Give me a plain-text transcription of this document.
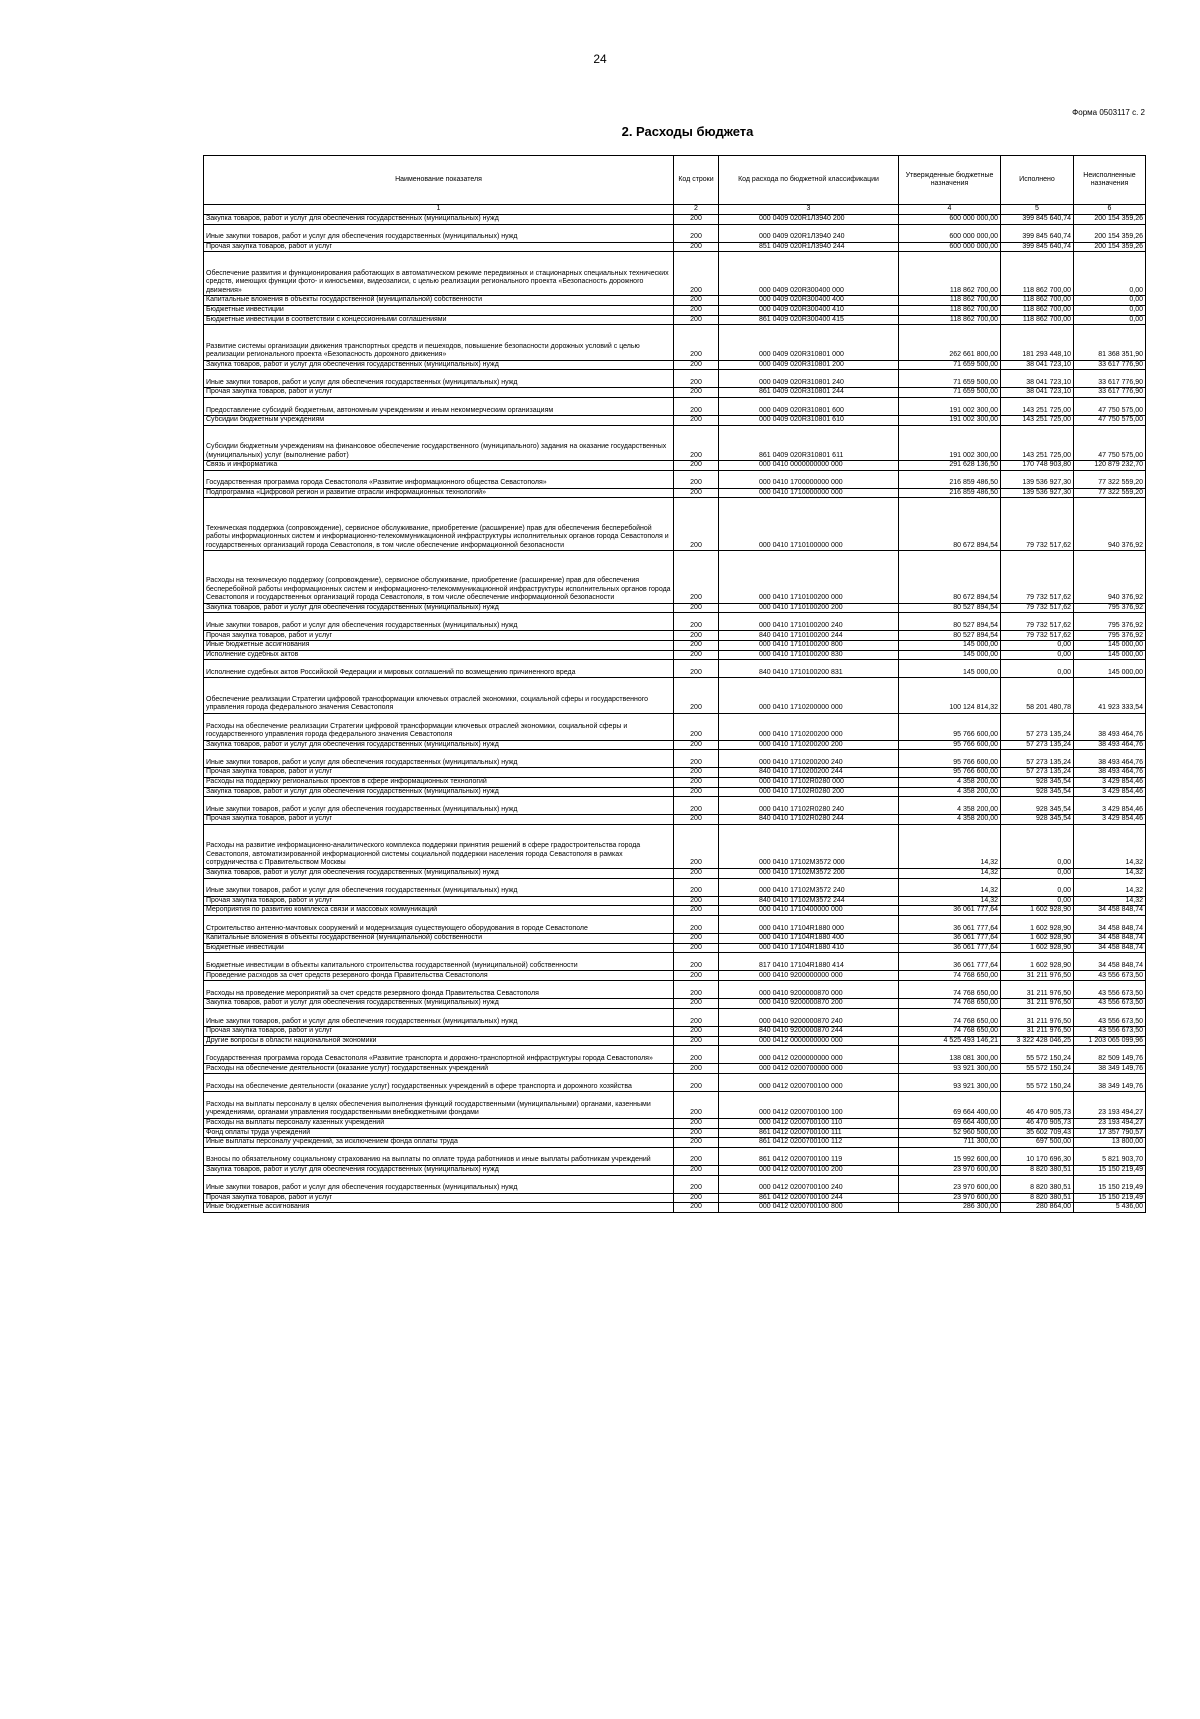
24
Форма 0503117 с. 2
2. Расходы бюджета
Наименование показателя	Код строки	Код расхода по бюджетной классификации	Утвержденные бюджетные назначения	Исполнено	Неисполненные назначения
1	2	3	4	5	6
Закупка товаров, работ и услуг для обеспечения государственных (муниципальных) нужд	200	000 0409 020R1Л3940 200	600 000 000,00	399 845 640,74	200 154 359,26
Иные закупки товаров, работ и услуг для обеспечения государственных (муниципальных) нужд	200	000 0409 020R1Л3940 240	600 000 000,00	399 845 640,74	200 154 359,26
Прочая закупка товаров, работ и услуг	200	851 0409 020R1Л3940 244	600 000 000,00	399 845 640,74	200 154 359,26
Обеспечение развития и функционирования работающих в автоматическом режиме передвижных и стационарных специальных технических средств, имеющих функции фото- и киносъемки, видеозаписи, с целью реализации регионального проекта «Безопасность дорожного движения»	200	000 0409 020R300400 000	118 862 700,00	118 862 700,00	0,00
Капитальные вложения в объекты государственной (муниципальной) собственности	200	000 0409 020R300400 400	118 862 700,00	118 862 700,00	0,00
Бюджетные инвестиции	200	000 0409 020R300400 410	118 862 700,00	118 862 700,00	0,00
Бюджетные инвестиции в соответствии с концессионными соглашениями	200	861 0409 020R300400 415	118 862 700,00	118 862 700,00	0,00
Развитие системы организации движения транспортных средств и пешеходов, повышение безопасности дорожных условий с целью реализации регионального проекта «Безопасность дорожного движения»	200	000 0409 020R310801 000	262 661 800,00	181 293 448,10	81 368 351,90
Закупка товаров, работ и услуг для обеспечения государственных (муниципальных) нужд	200	000 0409 020R310801 200	71 659 500,00	38 041 723,10	33 617 776,90
Иные закупки товаров, работ и услуг для обеспечения государственных (муниципальных) нужд	200	000 0409 020R310801 240	71 659 500,00	38 041 723,10	33 617 776,90
Прочая закупка товаров, работ и услуг	200	861 0409 020R310801 244	71 659 500,00	38 041 723,10	33 617 776,90
Предоставление субсидий бюджетным, автономным учреждениям и иным некоммерческим организациям	200	000 0409 020R310801 600	191 002 300,00	143 251 725,00	47 750 575,00
Субсидии бюджетным учреждениям	200	000 0409 020R310801 610	191 002 300,00	143 251 725,00	47 750 575,00
Субсидии бюджетным учреждениям на финансовое обеспечение государственного (муниципального) задания на оказание государственных (муниципальных) услуг (выполнение работ)	200	861 0409 020R310801 611	191 002 300,00	143 251 725,00	47 750 575,00
Связь и информатика	200	000 0410 0000000000 000	291 628 136,50	170 748 903,80	120 879 232,70
Государственная программа города Севастополя «Развитие информационного общества Севастополя»	200	000 0410 1700000000 000	216 859 486,50	139 536 927,30	77 322 559,20
Подпрограмма «Цифровой регион и развитие отрасли информационных технологий»	200	000 0410 1710000000 000	216 859 486,50	139 536 927,30	77 322 559,20
Техническая поддержка (сопровождение), сервисное обслуживание, приобретение (расширение) прав для обеспечения бесперебойной работы информационных систем и информационно-телекоммуникационной инфраструктуры исполнительных органов города Севастополя и государственных организаций города Севастополя, в том числе обеспечение информационной безопасности	200	000 0410 1710100000 000	80 672 894,54	79 732 517,62	940 376,92
Расходы на техническую поддержку (сопровождение), сервисное обслуживание, приобретение (расширение) прав для обеспечения бесперебойной работы информационных систем и информационно-телекоммуникационной инфраструктуры исполнительных органов города Севастополя и государственных организаций города Севастополя, в том числе обеспечение информационной безопасности	200	000 0410 1710100200 000	80 672 894,54	79 732 517,62	940 376,92
Закупка товаров, работ и услуг для обеспечения государственных (муниципальных) нужд	200	000 0410 1710100200 200	80 527 894,54	79 732 517,62	795 376,92
Иные закупки товаров, работ и услуг для обеспечения государственных (муниципальных) нужд	200	000 0410 1710100200 240	80 527 894,54	79 732 517,62	795 376,92
Прочая закупка товаров, работ и услуг	200	840 0410 1710100200 244	80 527 894,54	79 732 517,62	795 376,92
Иные бюджетные ассигнования	200	000 0410 1710100200 800	145 000,00	0,00	145 000,00
Исполнение судебных актов	200	000 0410 1710100200 830	145 000,00	0,00	145 000,00
Исполнение судебных актов Российской Федерации и мировых соглашений по возмещению причиненного вреда	200	840 0410 1710100200 831	145 000,00	0,00	145 000,00
Обеспечение реализации Стратегии цифровой трансформации ключевых отраслей экономики, социальной сферы и государственного управления города федерального значения Севастополя	200	000 0410 1710200000 000	100 124 814,32	58 201 480,78	41 923 333,54
Расходы на обеспечение реализации Стратегии цифровой трансформации ключевых отраслей экономики, социальной сферы и государственного управления города федерального значения Севастополя	200	000 0410 1710200200 000	95 766 600,00	57 273 135,24	38 493 464,76
Закупка товаров, работ и услуг для обеспечения государственных (муниципальных) нужд	200	000 0410 1710200200 200	95 766 600,00	57 273 135,24	38 493 464,76
Иные закупки товаров, работ и услуг для обеспечения государственных (муниципальных) нужд	200	000 0410 1710200200 240	95 766 600,00	57 273 135,24	38 493 464,76
Прочая закупка товаров, работ и услуг	200	840 0410 1710200200 244	95 766 600,00	57 273 135,24	38 493 464,76
Расходы на поддержку региональных проектов в сфере информационных технологий	200	000 0410 17102R0280 000	4 358 200,00	928 345,54	3 429 854,46
Закупка товаров, работ и услуг для обеспечения государственных (муниципальных) нужд	200	000 0410 17102R0280 200	4 358 200,00	928 345,54	3 429 854,46
Иные закупки товаров, работ и услуг для обеспечения государственных (муниципальных) нужд	200	000 0410 17102R0280 240	4 358 200,00	928 345,54	3 429 854,46
Прочая закупка товаров, работ и услуг	200	840 0410 17102R0280 244	4 358 200,00	928 345,54	3 429 854,46
Расходы на развитие информационно-аналитического комплекса поддержки принятия решений в сфере градостроительства города Севастополя, автоматизированной информационной системы социальной поддержки населения города Севастополя в рамках сотрудничества с Правительством Москвы	200	000 0410 17102M3572 000	14,32	0,00	14,32
Закупка товаров, работ и услуг для обеспечения государственных (муниципальных) нужд	200	000 0410 17102M3572 200	14,32	0,00	14,32
Иные закупки товаров, работ и услуг для обеспечения государственных (муниципальных) нужд	200	000 0410 17102M3572 240	14,32	0,00	14,32
Прочая закупка товаров, работ и услуг	200	840 0410 17102M3572 244	14,32	0,00	14,32
Мероприятия по развитию комплекса связи и массовых коммуникаций	200	000 0410 1710400000 000	36 061 777,64	1 602 928,90	34 458 848,74
Строительство антенно-мачтовых сооружений и модернизация существующего оборудования в городе Севастополе	200	000 0410 17104R1880 000	36 061 777,64	1 602 928,90	34 458 848,74
Капитальные вложения в объекты государственной (муниципальной) собственности	200	000 0410 17104R1880 400	36 061 777,64	1 602 928,90	34 458 848,74
Бюджетные инвестиции	200	000 0410 17104R1880 410	36 061 777,64	1 602 928,90	34 458 848,74
Бюджетные инвестиции в объекты капитального строительства государственной (муниципальной) собственности	200	817 0410 17104R1880 414	36 061 777,64	1 602 928,90	34 458 848,74
Проведение расходов за счет средств резервного фонда Правительства Севастополя	200	000 0410 9200000000 000	74 768 650,00	31 211 976,50	43 556 673,50
Расходы на проведение мероприятий за счет средств резервного фонда Правительства Севастополя	200	000 0410 9200000870 000	74 768 650,00	31 211 976,50	43 556 673,50
Закупка товаров, работ и услуг для обеспечения государственных (муниципальных) нужд	200	000 0410 9200000870 200	74 768 650,00	31 211 976,50	43 556 673,50
Иные закупки товаров, работ и услуг для обеспечения государственных (муниципальных) нужд	200	000 0410 9200000870 240	74 768 650,00	31 211 976,50	43 556 673,50
Прочая закупка товаров, работ и услуг	200	840 0410 9200000870 244	74 768 650,00	31 211 976,50	43 556 673,50
Другие вопросы в области национальной экономики	200	000 0412 0000000000 000	4 525 493 146,21	3 322 428 046,25	1 203 065 099,96
Государственная программа города Севастополя «Развитие транспорта и дорожно-транспортной инфраструктуры города Севастополя»	200	000 0412 0200000000 000	138 081 300,00	55 572 150,24	82 509 149,76
Расходы на обеспечение деятельности (оказание услуг) государственных учреждений	200	000 0412 0200700000 000	93 921 300,00	55 572 150,24	38 349 149,76
Расходы на обеспечение деятельности (оказание услуг) государственных учреждений в сфере транспорта и дорожного хозяйства	200	000 0412 0200700100 000	93 921 300,00	55 572 150,24	38 349 149,76
Расходы на выплаты персоналу в целях обеспечения выполнения функций государственными (муниципальными) органами, казенными учреждениями, органами управления государственными внебюджетными фондами	200	000 0412 0200700100 100	69 664 400,00	46 470 905,73	23 193 494,27
Расходы на выплаты персоналу казенных учреждений	200	000 0412 0200700100 110	69 664 400,00	46 470 905,73	23 193 494,27
Фонд оплаты труда учреждений	200	861 0412 0200700100 111	52 960 500,00	35 602 709,43	17 357 790,57
Иные выплаты персоналу учреждений, за исключением фонда оплаты труда	200	861 0412 0200700100 112	711 300,00	697 500,00	13 800,00
Взносы по обязательному социальному страхованию на выплаты по оплате труда работников и иные выплаты работникам учреждений	200	861 0412 0200700100 119	15 992 600,00	10 170 696,30	5 821 903,70
Закупка товаров, работ и услуг для обеспечения государственных (муниципальных) нужд	200	000 0412 0200700100 200	23 970 600,00	8 820 380,51	15 150 219,49
Иные закупки товаров, работ и услуг для обеспечения государственных (муниципальных) нужд	200	000 0412 0200700100 240	23 970 600,00	8 820 380,51	15 150 219,49
Прочая закупка товаров, работ и услуг	200	861 0412 0200700100 244	23 970 600,00	8 820 380,51	15 150 219,49
Иные бюджетные ассигнования	200	000 0412 0200700100 800	286 300,00	280 864,00	5 436,00
